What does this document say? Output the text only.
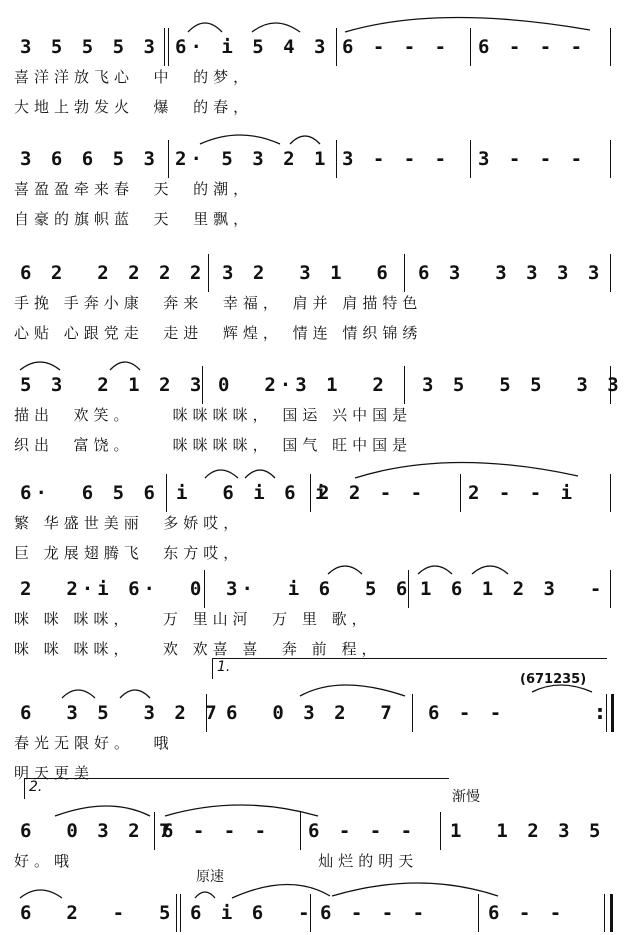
3 5 5 5 3 6· i 5 4 3 6 - - - 6 - - -
喜洋洋放飞心  中  的梦，
大地上勃发火  爆  的春，
3 6 6 5 3 2· 5 3 2 1 3 - - - 3 - - -
喜盈盈牵来春  天  的潮，
自豪的旗帜蓝  天  里飘，
6 2  2 2 2 2 3 2  3 1  6 6 3  3 3 3 3
手挽 手奔小康  奔来  幸福， 肩并 肩描特色
心贴 心跟党走  走进  辉煌， 情连 情织锦绣
5 3  2 1 2 3 0  2·3 1  2 3 5  5 5  3 3
描出  欢笑。    咪咪咪咪， 国运 兴中国是
织出  富饶。    咪咪咪咪， 国气 旺中国是
6·  6 5 6 i  6 i 6 i
2 2 - - 2 - - i
繁 华盛世美丽  多娇哎，
巨 龙展翅腾飞  东方哎，
2  2·i 6·  0 3·  i 6  5 6 1 6 1 2 3  -
咪 咪 咪咪，   万 里山河  万 里 歌，
咪 咪 咪咪，   欢 欢喜 喜  奔 前 程，
1.
(671235)
6  3 5  3 2 7 6  0 3 2  7 6 - -	:
春光无限好。  哦
明天更美
2.
渐慢
6  0 3 2 7
6 - - - 6 - - - 1  1 2 3 5
好。哦                         灿烂的明天
原速
6  2  -  5 6 i 6  - 6 - - -	6 - -
